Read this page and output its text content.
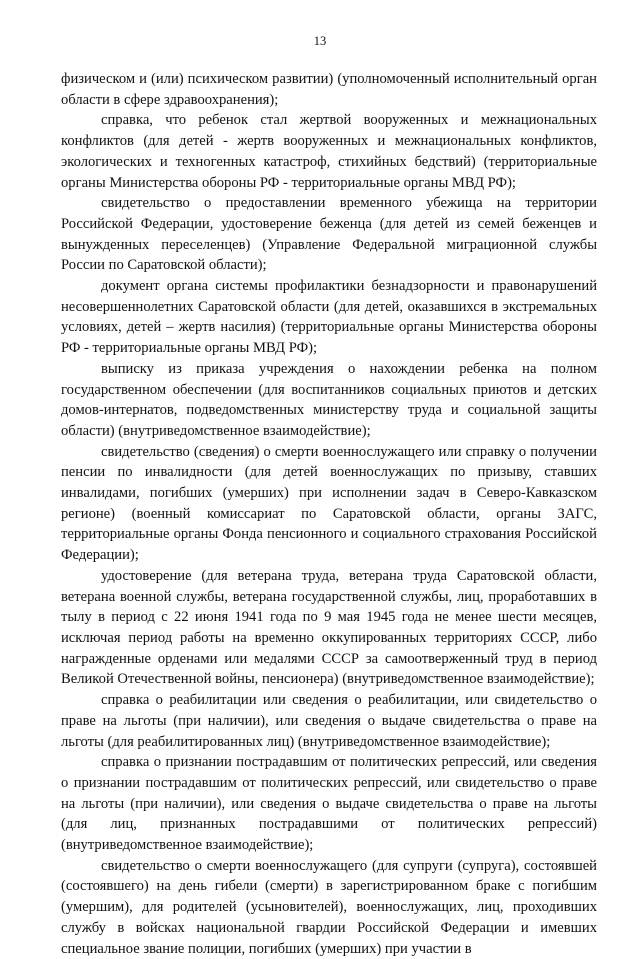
13

физическом и (или) психическом развитии) (уполномоченный исполнительный орган области в сфере здравоохранения);

справка, что ребенок стал жертвой вооруженных и межнациональных конфликтов (для детей - жертв вооруженных и межнациональных конфликтов, экологических и техногенных катастроф, стихийных бедствий) (территориальные органы Министерства обороны РФ - территориальные органы МВД РФ);

свидетельство о предоставлении временного убежища на территории Российской Федерации, удостоверение беженца (для детей из семей беженцев и вынужденных переселенцев) (Управление Федеральной миграционной службы России по Саратовской области);

документ органа системы профилактики безнадзорности и правонарушений несовершеннолетних Саратовской области (для детей, оказавшихся в экстремальных условиях, детей – жертв насилия) (территориальные органы Министерства обороны РФ - территориальные органы МВД РФ);

выписку из приказа учреждения о нахождении ребенка на полном государственном обеспечении (для воспитанников социальных приютов и детских домов-интернатов, подведомственных министерству труда и социальной защиты области) (внутриведомственное взаимодействие);

свидетельство (сведения) о смерти военнослужащего или справку о получении пенсии по инвалидности (для детей военнослужащих по призыву, ставших инвалидами, погибших (умерших) при исполнении задач в Северо-Кавказском регионе) (военный комиссариат по Саратовской области, органы ЗАГС, территориальные органы Фонда пенсионного и социального страхования Российской Федерации);

удостоверение (для ветерана труда, ветерана труда Саратовской области, ветерана военной службы, ветерана государственной службы, лиц, проработавших в тылу в период с 22 июня 1941 года по 9 мая 1945 года не менее шести месяцев, исключая период работы на временно оккупированных территориях СССР, либо награжденные орденами или медалями СССР за самоотверженный труд в период Великой Отечественной войны, пенсионера) (внутриведомственное взаимодействие);

справка о реабилитации или сведения о реабилитации, или свидетельство о праве на льготы (при наличии), или сведения о выдаче свидетельства о праве на льготы (для реабилитированных лиц) (внутриведомственное взаимодействие);

справка о признании пострадавшим от политических репрессий, или сведения о признании пострадавшим от политических репрессий, или свидетельство о праве на льготы (при наличии), или сведения о выдаче свидетельства о праве на льготы (для лиц, признанных пострадавшими от политических репрессий) (внутриведомственное взаимодействие);

свидетельство о смерти военнослужащего (для супруги (супруга), состоявшей (состоявшего) на день гибели (смерти) в зарегистрированном браке с погибшим (умершим), для родителей (усыновителей), военнослужащих, лиц, проходивших службу в войсках национальной гвардии Российской Федерации и имевших специальное звание полиции, погибших (умерших) при участии в
